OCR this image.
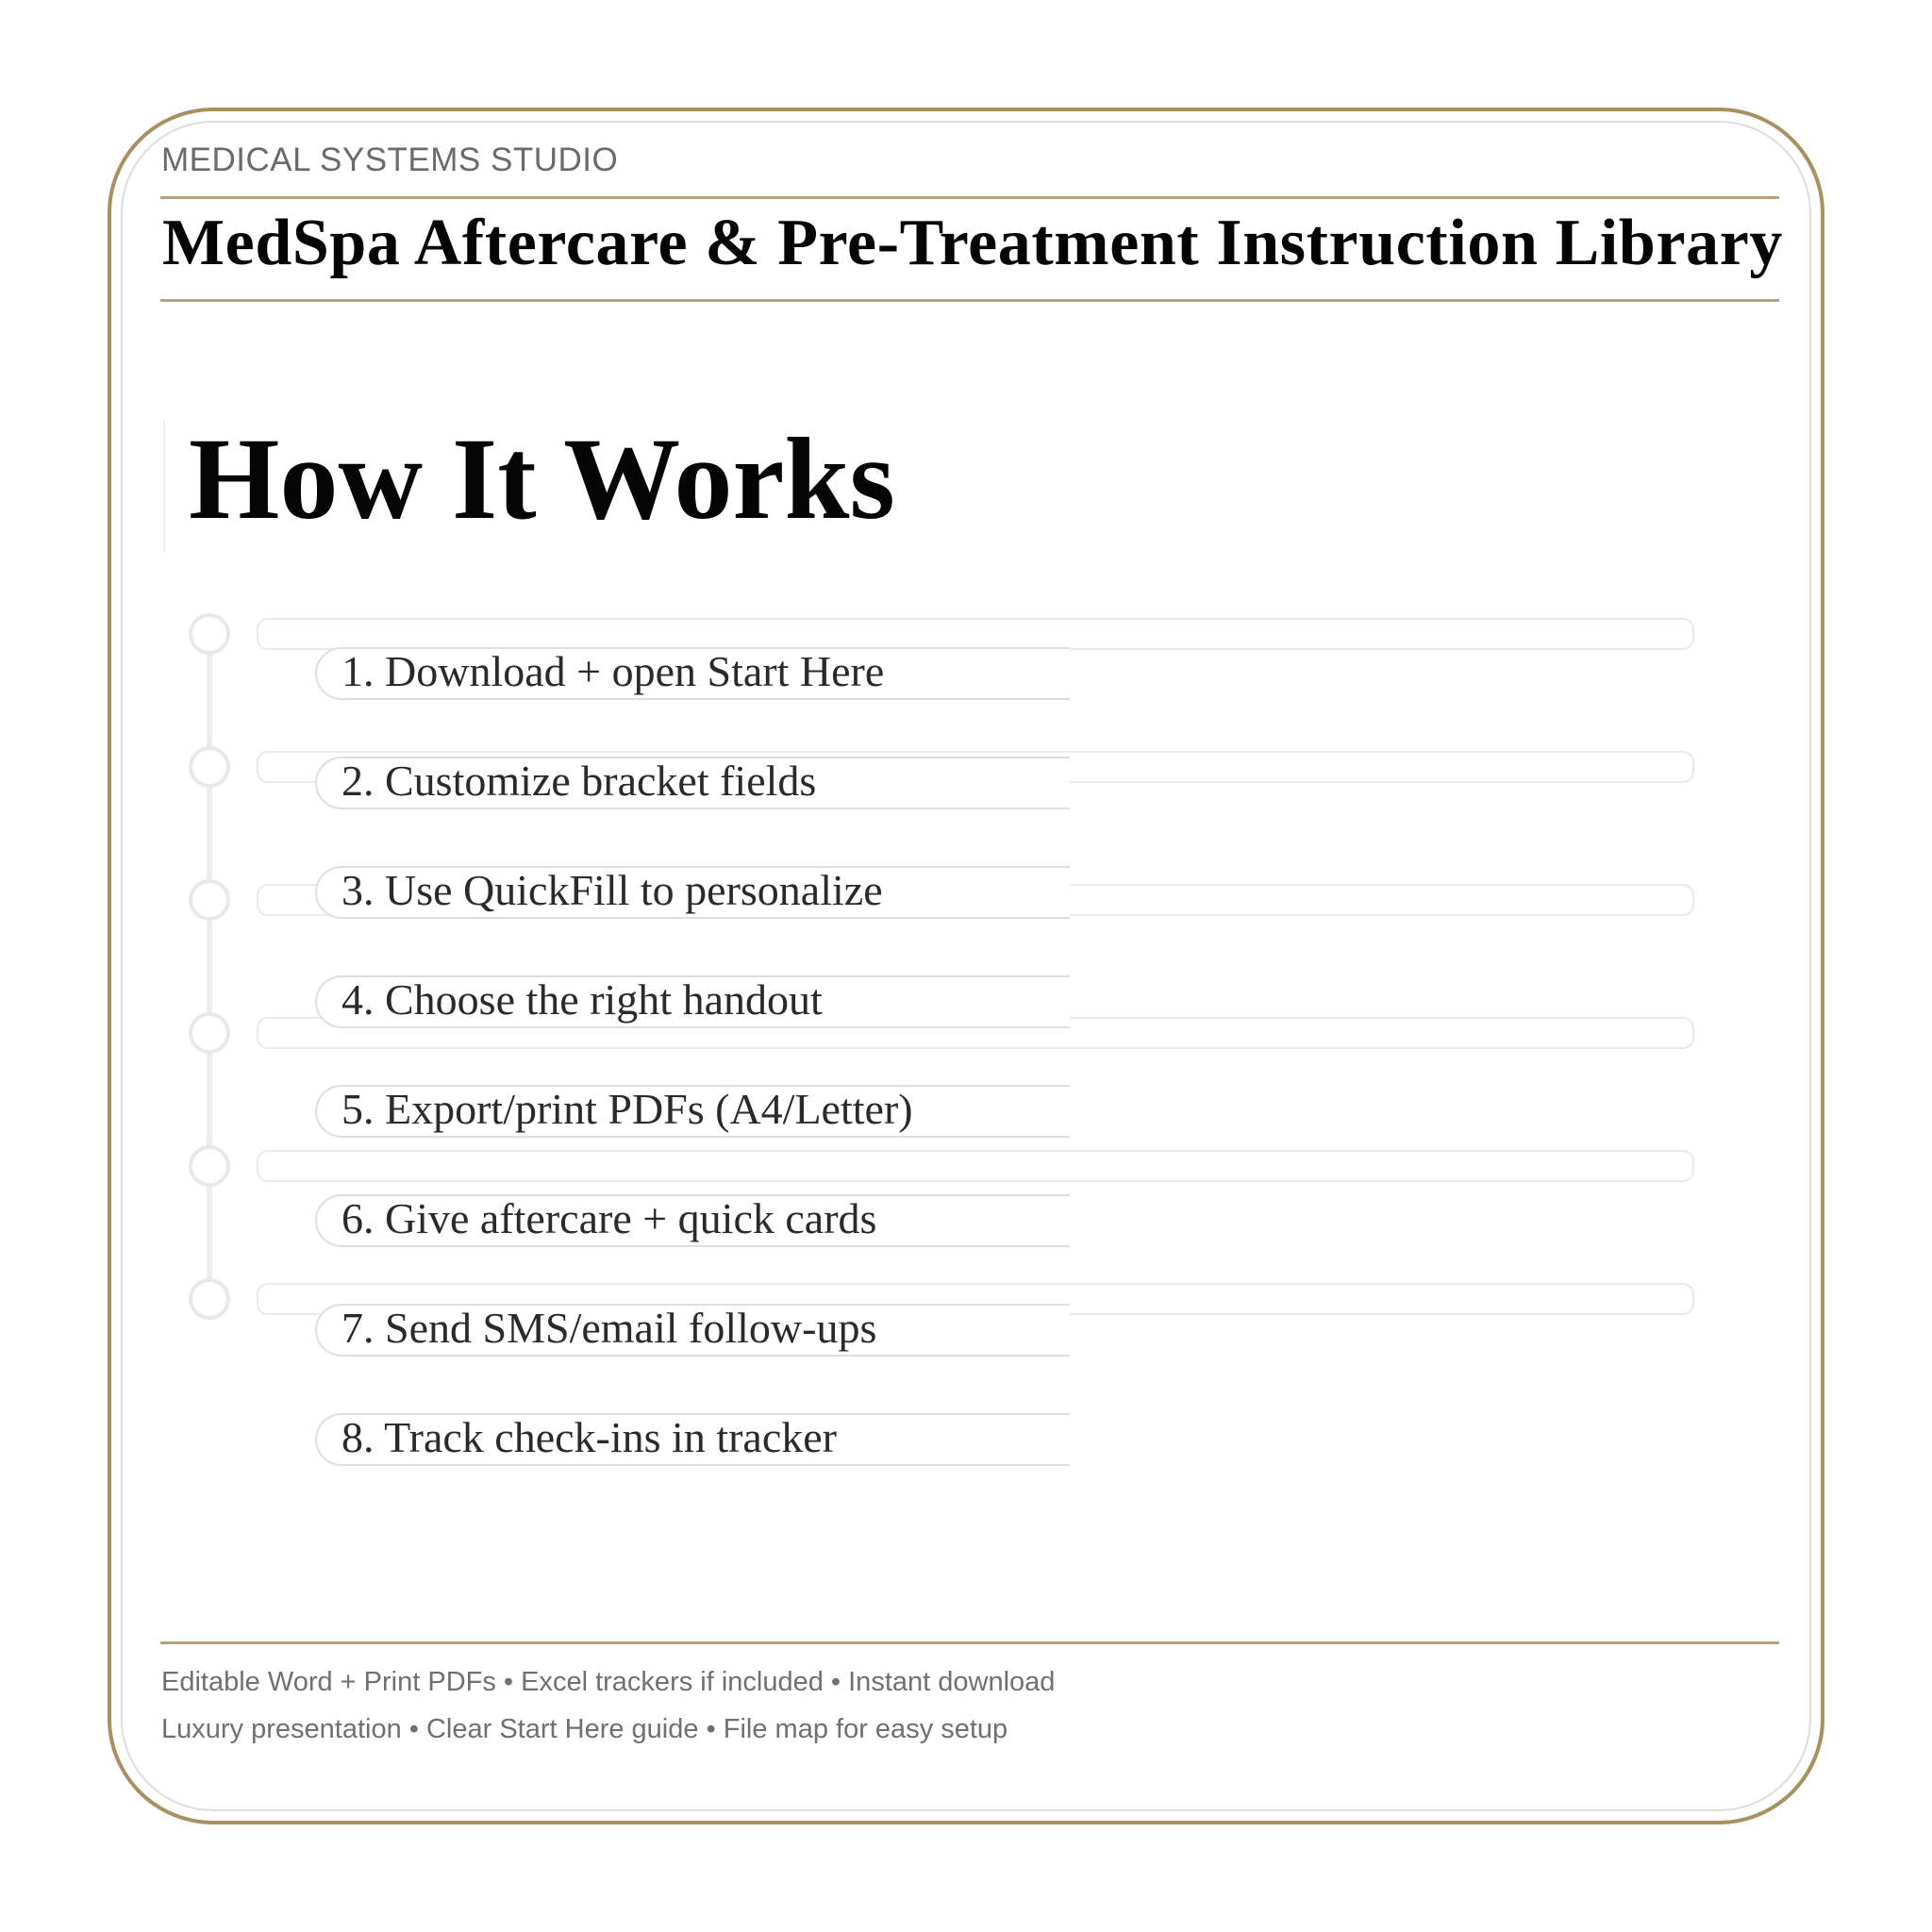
MEDICAL SYSTEMS STUDIO
MedSpa Aftercare & Pre-Treatment Instruction Library
How It Works
1. Download + open Start Here
2. Customize bracket fields
3. Use QuickFill to personalize
4. Choose the right handout
5. Export/print PDFs (A4/Letter)
6. Give aftercare + quick cards
7. Send SMS/email follow-ups
8. Track check-ins in tracker
Editable Word + Print PDFs • Excel trackers if included • Instant download
Luxury presentation • Clear Start Here guide • File map for easy setup
